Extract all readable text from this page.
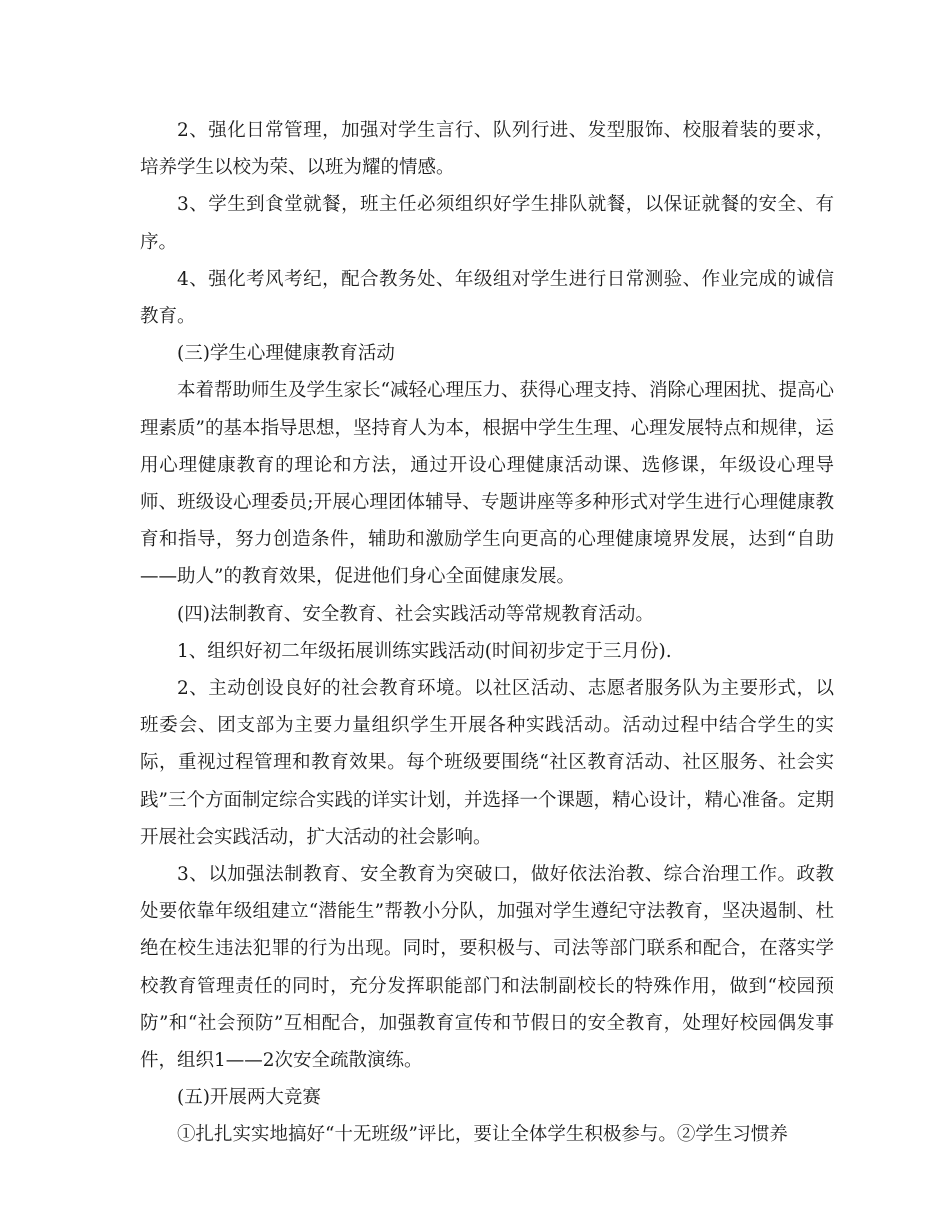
2、强化日常管理，加强对学生言行、队列行进、发型服饰、校服着装的要求，培养学生以校为荣、以班为耀的情感。

3、学生到食堂就餐，班主任必须组织好学生排队就餐，以保证就餐的安全、有序。

4、强化考风考纪，配合教务处、年级组对学生进行日常测验、作业完成的诚信教育。

(三)学生心理健康教育活动

本着帮助师生及学生家长“减轻心理压力、获得心理支持、消除心理困扰、提高心理素质”的基本指导思想，坚持育人为本，根据中学生生理、心理发展特点和规律，运用心理健康教育的理论和方法，通过开设心理健康活动课、选修课，年级设心理导师、班级设心理委员;开展心理团体辅导、专题讲座等多种形式对学生进行心理健康教育和指导，努力创造条件，辅助和激励学生向更高的心理健康境界发展，达到“自助——助人”的教育效果，促进他们身心全面健康发展。

(四)法制教育、安全教育、社会实践活动等常规教育活动。

1、组织好初二年级拓展训练实践活动(时间初步定于三月份).

2、主动创设良好的社会教育环境。以社区活动、志愿者服务队为主要形式，以班委会、团支部为主要力量组织学生开展各种实践活动。活动过程中结合学生的实际，重视过程管理和教育效果。每个班级要围绕“社区教育活动、社区服务、社会实践”三个方面制定综合实践的详实计划，并选择一个课题，精心设计，精心准备。定期开展社会实践活动，扩大活动的社会影响。

3、以加强法制教育、安全教育为突破口，做好依法治教、综合治理工作。政教处要依靠年级组建立“潜能生”帮教小分队，加强对学生遵纪守法教育，坚决遏制、杜绝在校生违法犯罪的行为出现。同时，要积极与、司法等部门联系和配合，在落实学校教育管理责任的同时，充分发挥职能部门和法制副校长的特殊作用，做到“校园预防”和“社会预防”互相配合，加强教育宣传和节假日的安全教育，处理好校园偶发事件，组织1——2次安全疏散演练。

(五)开展两大竞赛

①扎扎实实地搞好“十无班级”评比，要让全体学生积极参与。②学生习惯养
